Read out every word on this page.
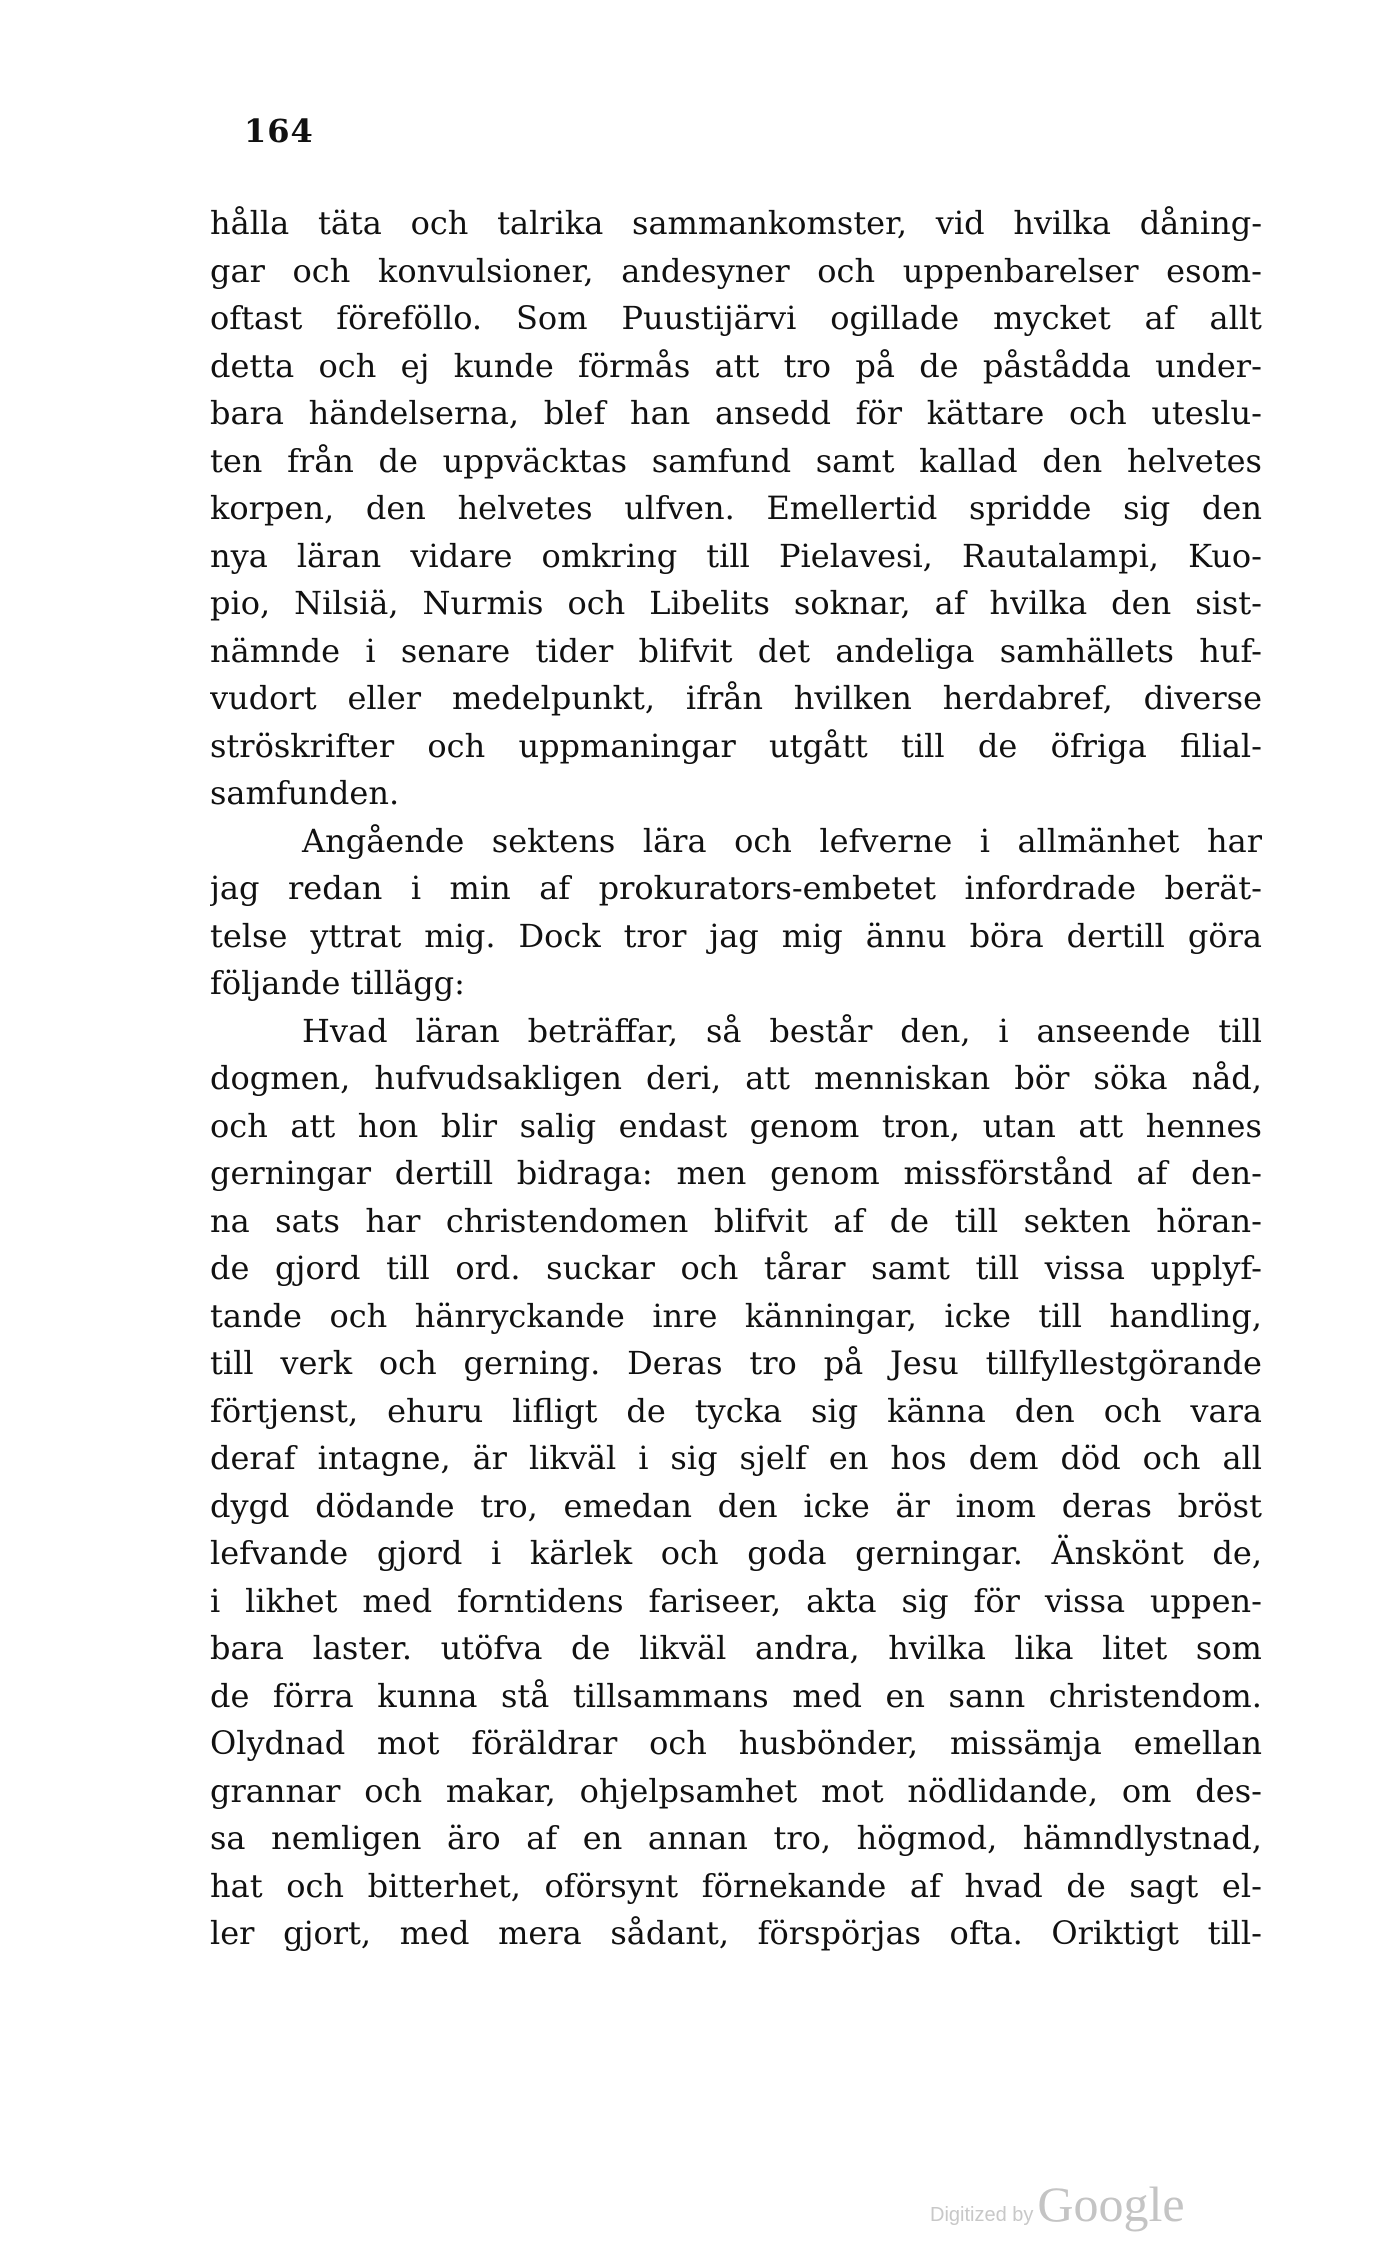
164
hålla täta och talrika sammankomster, vid hvilka dåning-
gar och konvulsioner, andesyner och uppenbarelser esom-
oftast föreföllo. Som Puustijärvi ogillade mycket af allt
detta och ej kunde förmås att tro på de påstådda under-
bara händelserna, blef han ansedd för kättare och uteslu-
ten från de uppväcktas samfund samt kallad den helvetes
korpen, den helvetes ulfven. Emellertid spridde sig den
nya läran vidare omkring till Pielavesi, Rautalampi, Kuo-
pio, Nilsiä, Nurmis och Libelits soknar, af hvilka den sist-
nämnde i senare tider blifvit det andeliga samhällets huf-
vudort eller medelpunkt, ifrån hvilken herdabref, diverse
ströskrifter och uppmaningar utgått till de öfriga filial-
samfunden.
Angående sektens lära och lefverne i allmänhet har
jag redan i min af prokurators-embetet infordrade berät-
telse yttrat mig. Dock tror jag mig ännu böra dertill göra
följande
tillägg:
Hvad läran beträffar, så består den, i anseende till
dogmen, hufvudsakligen deri, att menniskan bör söka nåd,
och att hon blir salig endast genom tron, utan att hennes
gerningar dertill bidraga: men genom missförstånd af den-
na sats har christendomen blifvit af de till sekten höran-
de gjord till ord. suckar och tårar samt till vissa upplyf-
tande och hänryckande inre känningar, icke till handling,
till verk och gerning. Deras tro på Jesu tillfyllestgörande
förtjenst, ehuru lifligt de tycka sig känna den och vara
deraf intagne, är likväl i sig sjelf en hos dem död och all
dygd dödande tro, emedan den icke är inom deras bröst
lefvande gjord i kärlek och goda gerningar. Änskönt de,
i likhet med forntidens fariseer, akta sig för vissa uppen-
bara laster. utöfva de likväl andra, hvilka lika litet som
de förra kunna stå tillsammans med en sann christendom.
Olydnad mot föräldrar och husbönder, missämja emellan
grannar och makar, ohjelpsamhet mot nödlidande, om des-
sa nemligen äro af en annan tro, högmod, hämndlystnad,
hat och bitterhet, oförsynt förnekande af hvad de sagt el-
ler gjort, med mera sådant, förspörjas ofta. Oriktigt till-
Digitized by Google
